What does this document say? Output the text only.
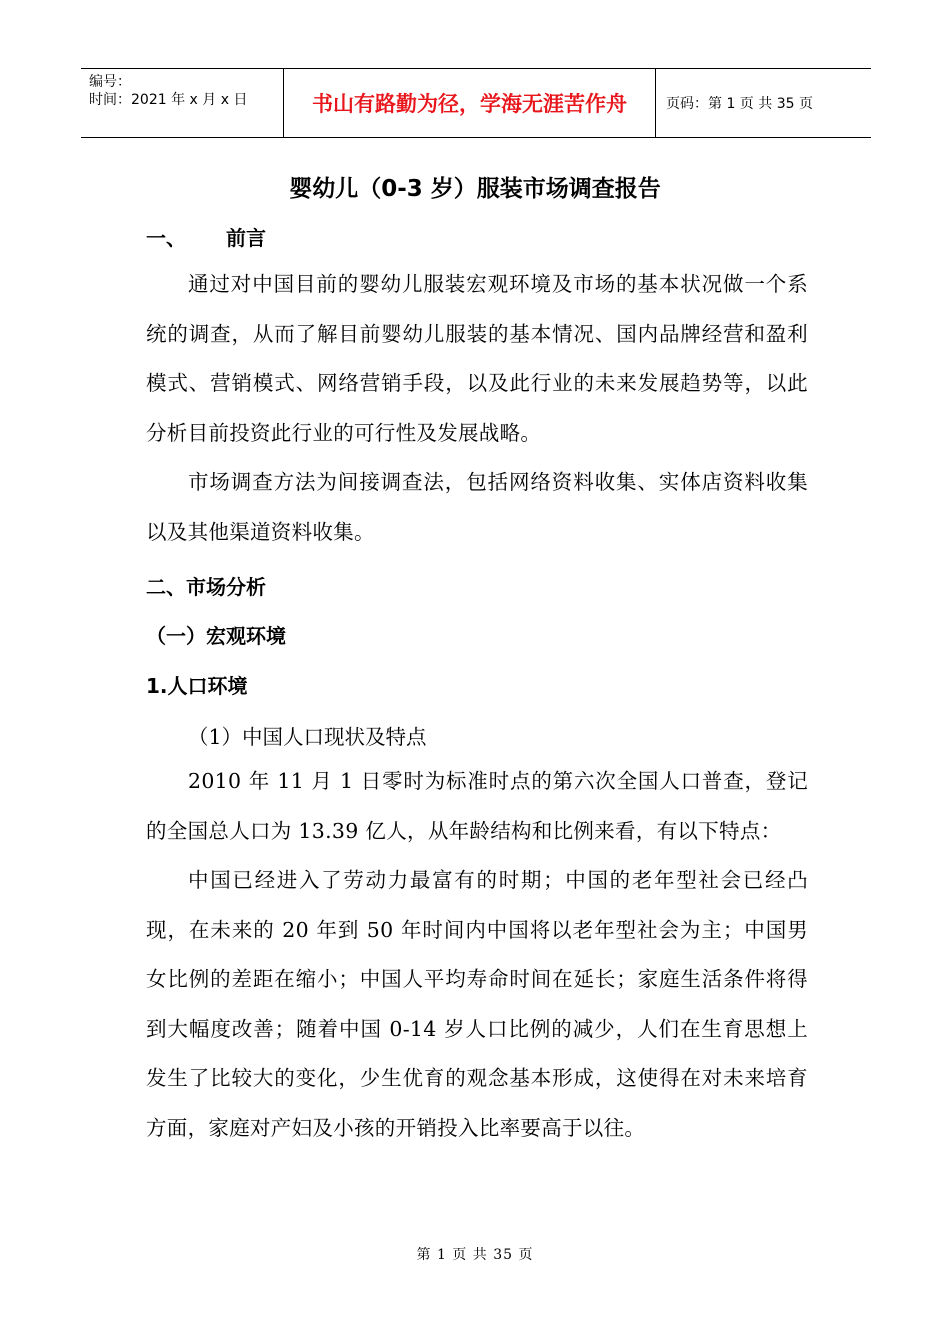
编号：
时间：2021 年 x 月 x 日	书山有路勤为径，学海无涯苦作舟	页码：第 1 页 共 35 页
婴幼儿（0-3 岁）服装市场调查报告
一、 前言
通过对中国目前的婴幼儿服装宏观环境及市场的基本状况做一个系统的调查，从而了解目前婴幼儿服装的基本情况、国内品牌经营和盈利模式、营销模式、网络营销手段，以及此行业的未来发展趋势等，以此分析目前投资此行业的可行性及发展战略。
市场调查方法为间接调查法，包括网络资料收集、实体店资料收集以及其他渠道资料收集。
二、市场分析
（一）宏观环境
1.人口环境
（1）中国人口现状及特点
2010 年 11 月 1 日零时为标准时点的第六次全国人口普查，登记的全国总人口为 13.39 亿人，从年龄结构和比例来看，有以下特点：
中国已经进入了劳动力最富有的时期；中国的老年型社会已经凸现，在未来的 20 年到 50 年时间内中国将以老年型社会为主；中国男女比例的差距在缩小；中国人平均寿命时间在延长；家庭生活条件将得到大幅度改善；随着中国 0-14 岁人口比例的减少，人们在生育思想上发生了比较大的变化，少生优育的观念基本形成，这使得在对未来培育方面，家庭对产妇及小孩的开销投入比率要高于以往。
第 1 页 共 35 页
